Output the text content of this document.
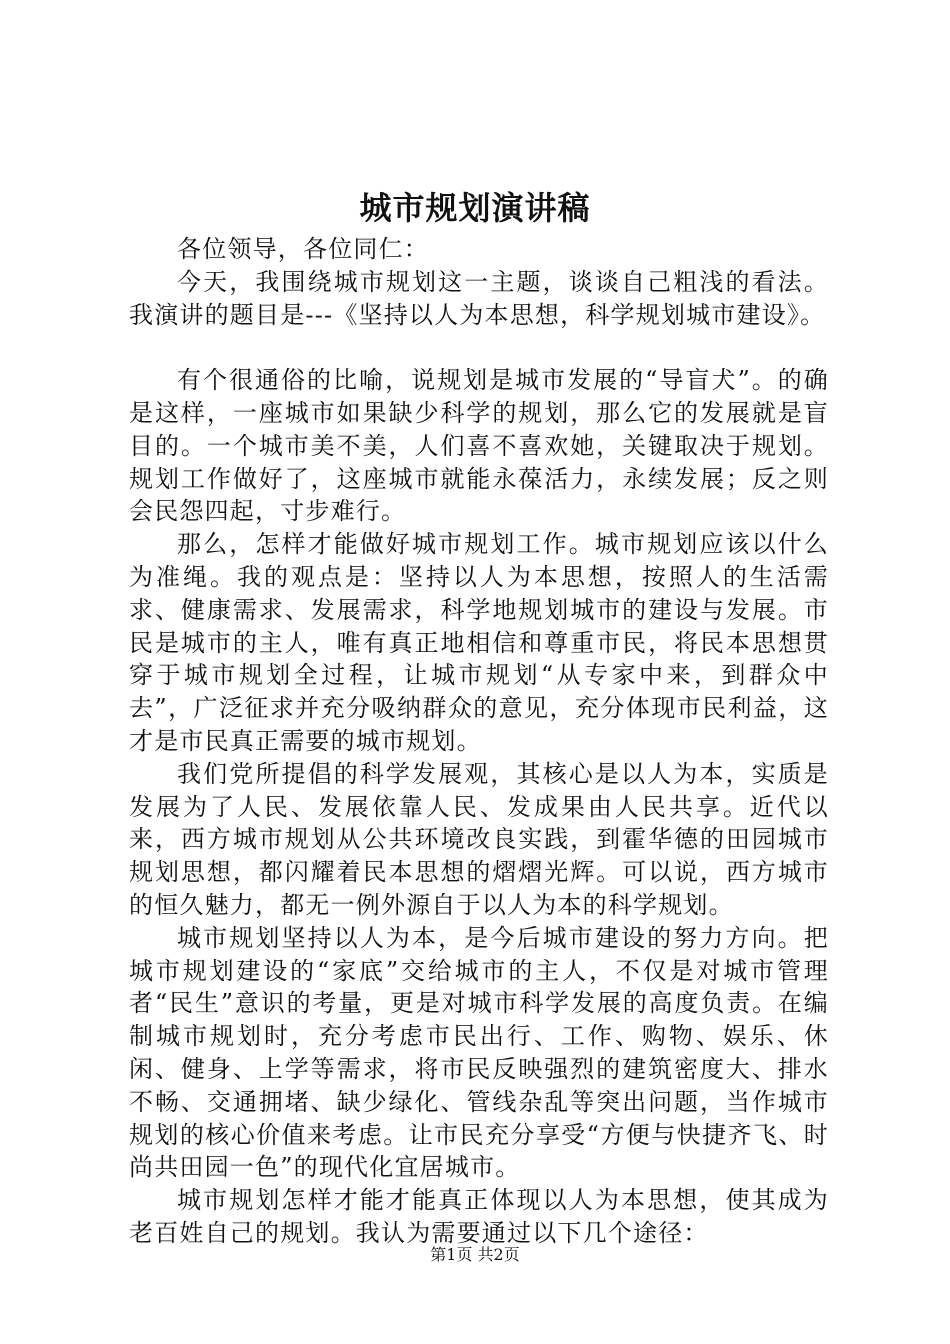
城市规划演讲稿

各位领导，各位同仁：

今天，我围绕城市规划这一主题，谈谈自己粗浅的看法。我演讲的题目是---《坚持以人为本思想，科学规划城市建设》。

有个很通俗的比喻，说规划是城市发展的“导盲犬”。的确是这样，一座城市如果缺少科学的规划，那么它的发展就是盲目的。一个城市美不美，人们喜不喜欢她，关键取决于规划。规划工作做好了，这座城市就能永葆活力，永续发展；反之则会民怨四起，寸步难行。

那么，怎样才能做好城市规划工作。城市规划应该以什么为准绳。我的观点是：坚持以人为本思想，按照人的生活需求、健康需求、发展需求，科学地规划城市的建设与发展。市民是城市的主人，唯有真正地相信和尊重市民，将民本思想贯穿于城市规划全过程，让城市规划“从专家中来，到群众中去”，广泛征求并充分吸纳群众的意见，充分体现市民利益，这才是市民真正需要的城市规划。

我们党所提倡的科学发展观，其核心是以人为本，实质是发展为了人民、发展依靠人民、发成果由人民共享。近代以来，西方城市规划从公共环境改良实践，到霍华德的田园城市规划思想，都闪耀着民本思想的熠熠光辉。可以说，西方城市的恒久魅力，都无一例外源自于以人为本的科学规划。

城市规划坚持以人为本，是今后城市建设的努力方向。把城市规划建设的“家底”交给城市的主人，不仅是对城市管理者“民生”意识的考量，更是对城市科学发展的高度负责。在编制城市规划时，充分考虑市民出行、工作、购物、娱乐、休闲、健身、上学等需求，将市民反映强烈的建筑密度大、排水不畅、交通拥堵、缺少绿化、管线杂乱等突出问题，当作城市规划的核心价值来考虑。让市民充分享受“方便与快捷齐飞、时尚共田园一色”的现代化宜居城市。

城市规划怎样才能才能真正体现以人为本思想，使其成为老百姓自己的规划。我认为需要通过以下几个途径：

第1页 共2页
